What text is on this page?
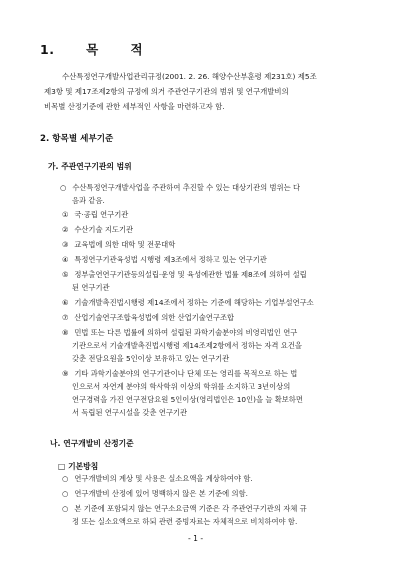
1.	목	적
수산특정연구개발사업관리규정(2001. 2. 26. 해양수산부훈령 제231호) 제5조
제3항 및 제17조제2항의 규정에 의거 주관연구기관의 범위 및 연구개발비의
비목별 산정기준에 관한 세부적인 사항을 마련하고자 함.
2. 항목별 세부기준
가. 주관연구기관의 범위
○ 수산특정연구개발사업을 주관하여 추진할 수 있는 대상기관의 범위는 다
음과 같음.
① 국·공립 연구기관
② 수산기술 지도기관
③ 교육법에 의한 대학 및 전문대학
④ 특정연구기관육성법 시행령 제3조에서 정하고 있는 연구기관
⑤ 정부출연연구기관등의설립·운영 및 육성에관한 법률 제8조에 의하여 설립
된 연구기관
⑥ 기술개발촉진법시행령 제14조에서 정하는 기준에 해당하는 기업부설연구소
⑦ 산업기술연구조합육성법에 의한 산업기술연구조합
⑧ 민법 또는 다른 법률에 의하여 설립된 과학기술분야의 비영리법인 연구
기관으로서 기술개발촉진법시행령 제14조제2항에서 정하는 자격 요건을
갖춘 전담요원을 5인이상 보유하고 있는 연구기관
⑨ 기타 과학기술분야의 연구기관이나 단체 또는 영리를 목적으로 하는 법
인으로서 자연계 분야의 학사학위 이상의 학위를 소지하고 3년이상의
연구경력을 가진 연구전담요원 5인이상(영리법인은 10인)을 늘 확보하면
서 독립된 연구시설을 갖춘 연구기관
나. 연구개발비 산정기준
□ 기본방침
○ 연구개발비의 계상 및 사용은 실소요액을 계상하여야 함.
○ 연구개발비 산정에 있어 명백하지 않은 본 기준에 의함.
○ 본 기준에 포함되지 않는 연구소요금액 기준은 각 주관연구기관의 자체 규
정 또는 실소요액으로 하되 관련 증빙자료는 자체적으로 비치하여야 함.
- 1 -
